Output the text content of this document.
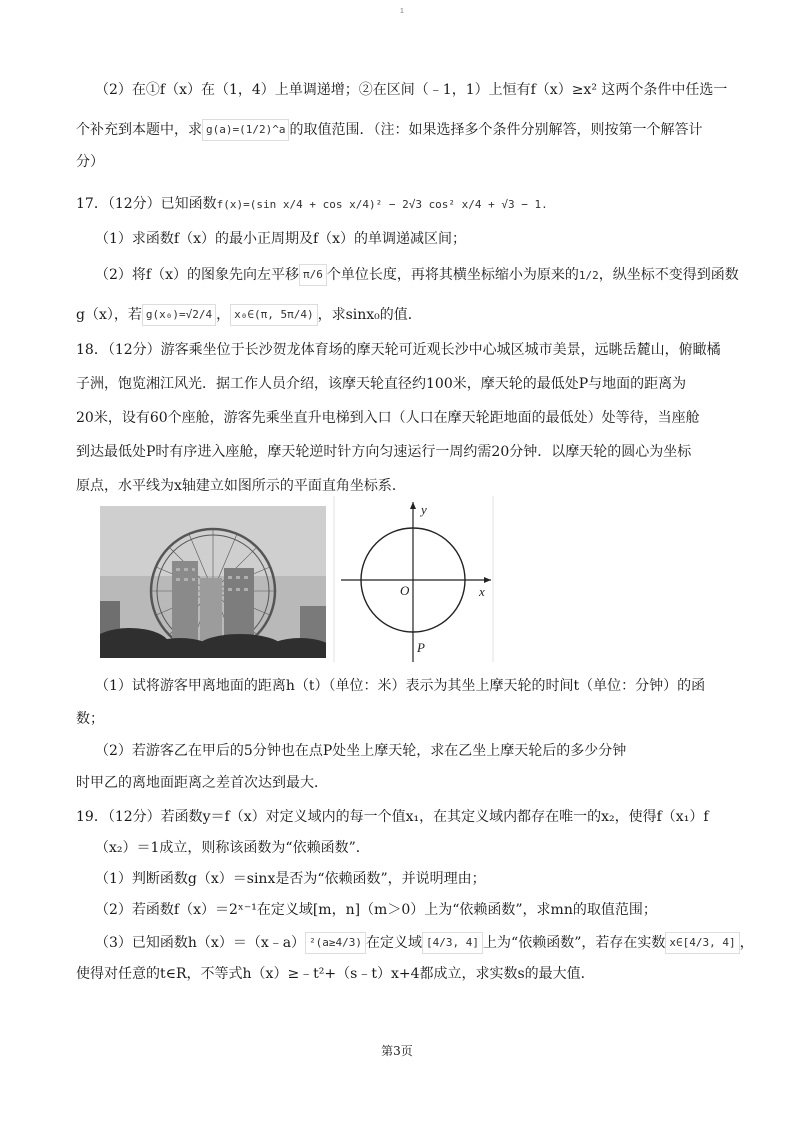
1
（2）在①f（x）在（1，4）上单调递增；②在区间（﹣1，1）上恒有f（x）≥x² 这两个条件中任选一
个补充到本题中，求 g(a)=(1/2)^a 的取值范围．（注：如果选择多个条件分别解答，则按第一个解答计
分）
17．（12分）已知函数f(x)=(sin x/4 + cos x/4)² − 2√3 cos² x/4 + √3 − 1.
（1）求函数f（x）的最小正周期及f（x）的单调递减区间；
（2）将f（x）的图象先向左平移 π/6 个单位长度，再将其横坐标缩小为原来的1/2，纵坐标不变得到函数
g（x），若 g(x₀)=√2/4 ， x₀∈(π, 5π/4) ，求sinx₀的值．
18．（12分）游客乘坐位于长沙贺龙体育场的摩天轮可近观长沙中心城区城市美景，远眺岳麓山，俯瞰橘
子洲，饱览湘江风光．据工作人员介绍，该摩天轮直径约100米，摩天轮的最低处P与地面的距离为
20米，设有60个座舱，游客先乘坐直升电梯到入口（人口在摩天轮距地面的最低处）处等待，当座舱
到达最低处P时有序进入座舱，摩天轮逆时针方向匀速运行一周约需20分钟．以摩天轮的圆心为坐标
原点，水平线为x轴建立如图所示的平面直角坐标系．
y
x
O
P
（1）试将游客甲离地面的距离h（t）（单位：米）表示为其坐上摩天轮的时间t（单位：分钟）的函
数；
（2）若游客乙在甲后的5分钟也在点P处坐上摩天轮，求在乙坐上摩天轮后的多少分钟
时甲乙的离地面距离之差首次达到最大．
19．（12分）若函数y＝f（x）对定义域内的每一个值x₁，在其定义域内都存在唯一的x₂，使得f（x₁）f
（x₂）＝1成立，则称该函数为“依赖函数”．
（1）判断函数g（x）＝sinx是否为“依赖函数”，并说明理由；
（2）若函数f（x）＝2ˣ⁻¹在定义域[m，n]（m＞0）上为“依赖函数”，求mn的取值范围；
（3）已知函数h（x）＝（x﹣a） ²(a≥4/3) 在定义域 [4/3, 4] 上为“依赖函数”，若存在实数 x∈[4/3, 4] ，
使得对任意的t∈R，不等式h（x）≥﹣t²+（s﹣t）x+4都成立，求实数s的最大值．
第3页
